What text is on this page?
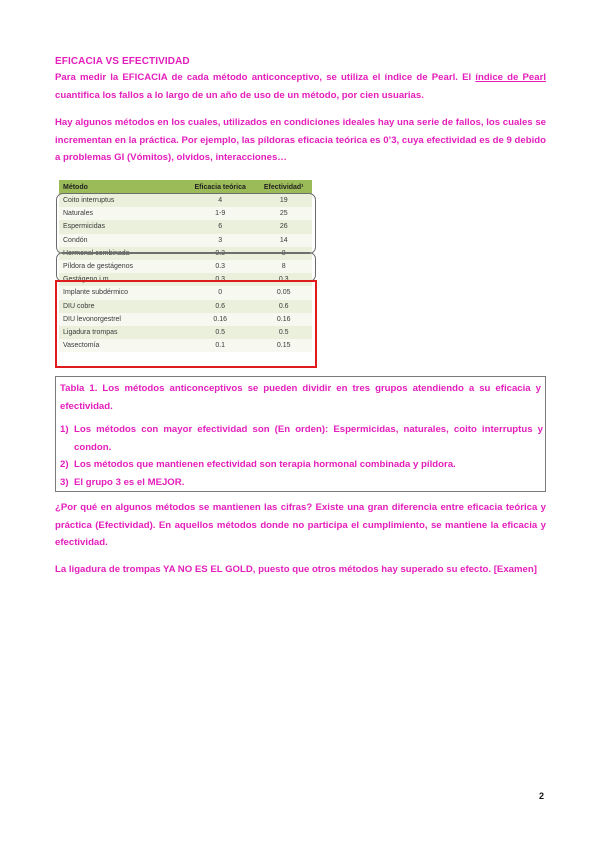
EFICACIA VS EFECTIVIDAD

Para medir la EFICACIA de cada método anticonceptivo, se utiliza el índice de Pearl. El índice de Pearl cuantifica los fallos a lo largo de un año de uso de un método, por cien usuarias.

Hay algunos métodos en los cuales, utilizados en condiciones ideales hay una serie de fallos, los cuales se incrementan en la práctica. Por ejemplo, las píldoras eficacia teórica es 0’3, cuya efectividad es de 9 debido a problemas GI (Vómitos), olvidos, interacciones…

Método	Eficacia teórica	Efectividad¹
Coito interruptus	4	19
Naturales	1-9	25
Espermicidas	6	26
Condón	3	14
Hormonal combinada	0.3	8
Píldora de gestágenos	0.3	8
Gestágeno i.m.	0.3	0.3
Implante subdérmico	0	0.05
DIU cobre	0.6	0.6
DIU levonorgestrel	0.16	0.16
Ligadura trompas	0.5	0.5
Vasectomía	0.1	0.15

Tabla 1. Los métodos anticonceptivos se pueden dividir en tres grupos atendiendo a su eficacia y efectividad.

1) Los métodos con mayor efectividad son (En orden): Espermicidas, naturales, coito interruptus y condon.
2) Los métodos que mantienen efectividad son terapia hormonal combinada y píldora.
3) El grupo 3 es el MEJOR.

¿Por qué en algunos métodos se mantienen las cifras? Existe una gran diferencia entre eficacia teórica y práctica (Efectividad). En aquellos métodos donde no participa el cumplimiento, se mantiene la eficacia y efectividad.

La ligadura de trompas YA NO ES EL GOLD, puesto que otros métodos hay superado su efecto. [Examen]

2
